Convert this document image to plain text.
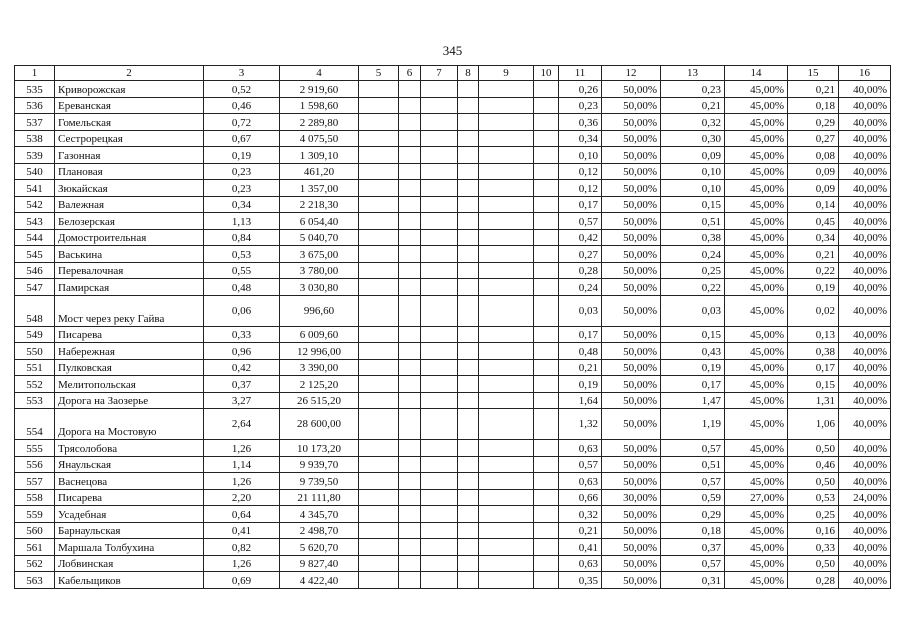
345
1	2	3	4	5	6	7	8	9	10	11	12	13	14	15	16
535	Криворожская	0,52	2 919,60							0,26	50,00%	0,23	45,00%	0,21	40,00%
536	Ереванская	0,46	1 598,60							0,23	50,00%	0,21	45,00%	0,18	40,00%
537	Гомельская	0,72	2 289,80							0,36	50,00%	0,32	45,00%	0,29	40,00%
538	Сестрорецкая	0,67	4 075,50							0,34	50,00%	0,30	45,00%	0,27	40,00%
539	Газонная	0,19	1 309,10							0,10	50,00%	0,09	45,00%	0,08	40,00%
540	Плановая	0,23	461,20							0,12	50,00%	0,10	45,00%	0,09	40,00%
541	Зюкайская	0,23	1 357,00							0,12	50,00%	0,10	45,00%	0,09	40,00%
542	Валежная	0,34	2 218,30							0,17	50,00%	0,15	45,00%	0,14	40,00%
543	Белозерская	1,13	6 054,40							0,57	50,00%	0,51	45,00%	0,45	40,00%
544	Домостроительная	0,84	5 040,70							0,42	50,00%	0,38	45,00%	0,34	40,00%
545	Васькина	0,53	3 675,00							0,27	50,00%	0,24	45,00%	0,21	40,00%
546	Перевалочная	0,55	3 780,00							0,28	50,00%	0,25	45,00%	0,22	40,00%
547	Памирская	0,48	3 030,80							0,24	50,00%	0,22	45,00%	0,19	40,00%
548	Мост через реку Гайва	0,06	996,60							0,03	50,00%	0,03	45,00%	0,02	40,00%
549	Писарева	0,33	6 009,60							0,17	50,00%	0,15	45,00%	0,13	40,00%
550	Набережная	0,96	12 996,00							0,48	50,00%	0,43	45,00%	0,38	40,00%
551	Пулковская	0,42	3 390,00							0,21	50,00%	0,19	45,00%	0,17	40,00%
552	Мелитопольская	0,37	2 125,20							0,19	50,00%	0,17	45,00%	0,15	40,00%
553	Дорога на Заозерье	3,27	26 515,20							1,64	50,00%	1,47	45,00%	1,31	40,00%
554	Дорога на Мостовую	2,64	28 600,00							1,32	50,00%	1,19	45,00%	1,06	40,00%
555	Трясолобова	1,26	10 173,20							0,63	50,00%	0,57	45,00%	0,50	40,00%
556	Янаульская	1,14	9 939,70							0,57	50,00%	0,51	45,00%	0,46	40,00%
557	Васнецова	1,26	9 739,50							0,63	50,00%	0,57	45,00%	0,50	40,00%
558	Писарева	2,20	21 111,80							0,66	30,00%	0,59	27,00%	0,53	24,00%
559	Усадебная	0,64	4 345,70							0,32	50,00%	0,29	45,00%	0,25	40,00%
560	Барнаульская	0,41	2 498,70							0,21	50,00%	0,18	45,00%	0,16	40,00%
561	Маршала Толбухина	0,82	5 620,70							0,41	50,00%	0,37	45,00%	0,33	40,00%
562	Лобвинская	1,26	9 827,40							0,63	50,00%	0,57	45,00%	0,50	40,00%
563	Кабельщиков	0,69	4 422,40							0,35	50,00%	0,31	45,00%	0,28	40,00%
